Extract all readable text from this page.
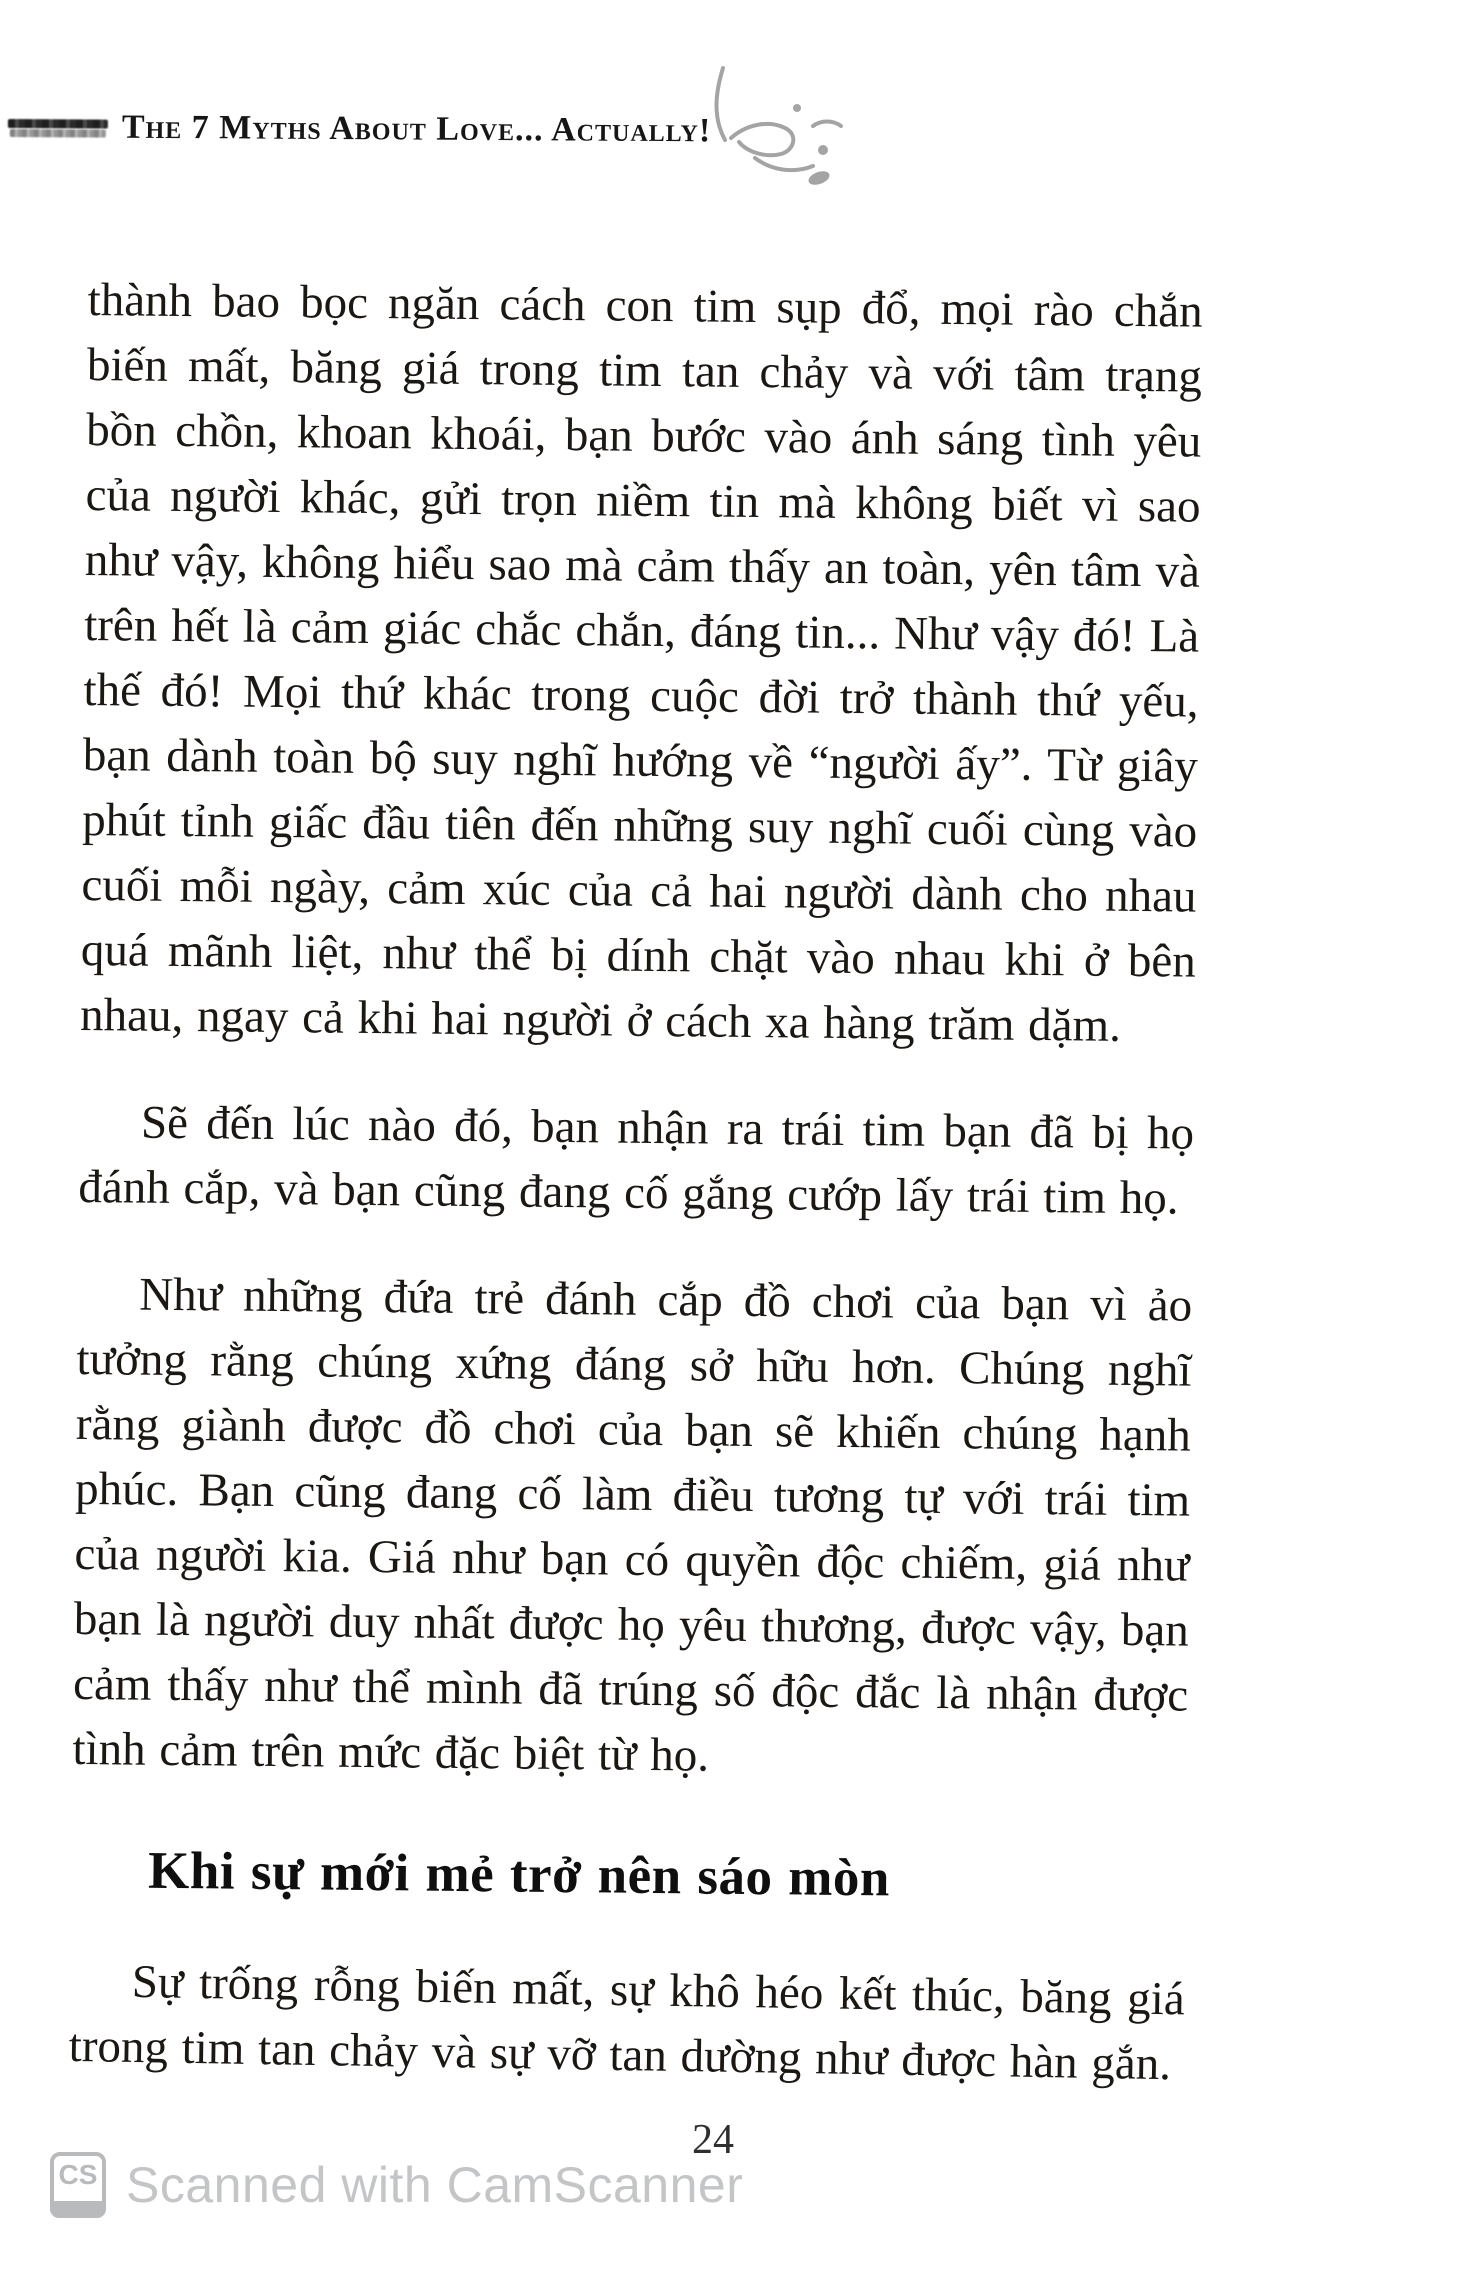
The 7 Myths About Love... Actually!

thành bao bọc ngăn cách con tim sụp đổ, mọi rào chắn biến mất, băng giá trong tim tan chảy và với tâm trạng bồn chồn, khoan khoái, bạn bước vào ánh sáng tình yêu của người khác, gửi trọn niềm tin mà không biết vì sao như vậy, không hiểu sao mà cảm thấy an toàn, yên tâm và trên hết là cảm giác chắc chắn, đáng tin... Như vậy đó! Là thế đó! Mọi thứ khác trong cuộc đời trở thành thứ yếu, bạn dành toàn bộ suy nghĩ hướng về “người ấy”. Từ giây phút tỉnh giấc đầu tiên đến những suy nghĩ cuối cùng vào cuối mỗi ngày, cảm xúc của cả hai người dành cho nhau quá mãnh liệt, như thể bị dính chặt vào nhau khi ở bên nhau, ngay cả khi hai người ở cách xa hàng trăm dặm.

Sẽ đến lúc nào đó, bạn nhận ra trái tim bạn đã bị họ đánh cắp, và bạn cũng đang cố gắng cướp lấy trái tim họ.

Như những đứa trẻ đánh cắp đồ chơi của bạn vì ảo tưởng rằng chúng xứng đáng sở hữu hơn. Chúng nghĩ rằng giành được đồ chơi của bạn sẽ khiến chúng hạnh phúc. Bạn cũng đang cố làm điều tương tự với trái tim của người kia. Giá như bạn có quyền độc chiếm, giá như bạn là người duy nhất được họ yêu thương, được vậy, bạn cảm thấy như thể mình đã trúng số độc đắc là nhận được tình cảm trên mức đặc biệt từ họ.

Khi sự mới mẻ trở nên sáo mòn

Sự trống rỗng biến mất, sự khô héo kết thúc, băng giá trong tim tan chảy và sự vỡ tan dường như được hàn gắn.

24
CS Scanned with CamScanner
